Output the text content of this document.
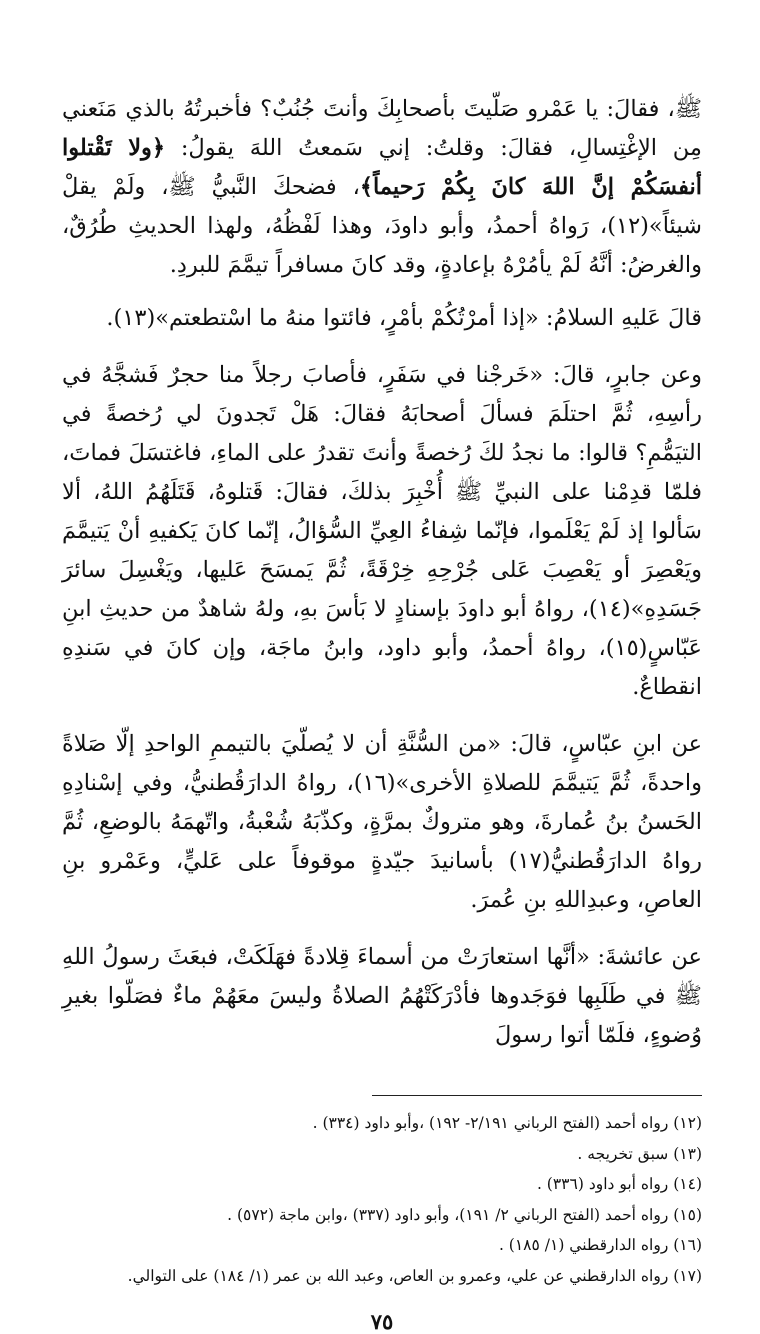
ﷺ، فقالَ: يا عَمْرو صَلّيتَ بأصحابِكَ وأنتَ جُنُبٌ؟ فأخبرتُهُ بالذي مَنَعني مِن الإغْتِسالِ، فقالَ: وقلتُ: إني سَمعتُ اللهَ يقولُ: ﴿ولا تَقْتلوا أنفسَكُمْ إنَّ اللهَ كانَ بِكُمْ رَحيماً﴾، فضحكَ النَّبيُّ ﷺ، ولَمْ يقلْ شيئاً»(١٢)، رَواهُ أحمدُ، وأبو داودَ، وهذا لَفْظُهُ، ولهذا الحديثِ طُرُقٌ، والغرضُ: أنَّهُ لَمْ يأمُرْهُ بإعادةٍ، وقد كانَ مسافراً تيمَّمَ للبردِ.

قالَ عَليهِ السلامُ: «إذا أمرْتُكُمْ بأمْرٍ، فائتوا منهُ ما اسْتطعتم»(١٣).

وعن جابرٍ، قالَ: «خَرجْنا في سَفَرٍ، فأصابَ رجلاً منا حجرٌ فَشجَّهُ في رأسِهِ، ثُمَّ احتلَمَ فسألَ أصحابَهُ فقالَ: هَلْ تَجدونَ لي رُخصةً في التيَمُّمِ؟ قالوا: ما نجدُ لكَ رُخصةً وأنتَ تقدرُ على الماءِ، فاغتسَلَ فماتَ، فلمّا قدِمْنا على النبيِّ ﷺ أُخْبِرَ بذلكَ، فقالَ: قَتلوهُ، قَتَلَهُمُ اللهُ، ألا سَألوا إذ لَمْ يَعْلَموا، فإنّما شِفاءُ العِيِّ السُّؤالُ، إنّما كانَ يَكفيهِ أنْ يَتيمَّمَ ويَعْصِرَ أو يَعْصِبَ عَلى جُرْحِهِ خِرْقَةً، ثُمَّ يَمسَحَ عَليها، ويَغْسِلَ سائرَ جَسَدِهِ»(١٤)، رواهُ أبو داودَ بإسنادٍ لا بَأسَ بهِ، ولهُ شاهدٌ من حديثِ ابنِ عَبّاسٍ(١٥)، رواهُ أحمدُ، وأبو داود، وابنُ ماجَة، وإن كانَ في سَندِهِ انقطاعٌ.

عن ابنِ عبّاسٍ، قالَ: «من السُّنَّةِ أن لا يُصلّيَ بالتيممِ الواحدِ إلّا صَلاةً واحدةً، ثُمَّ يَتيمَّمَ للصلاةِ الأخرى»(١٦)، رواهُ الدارَقُطنيُّ، وفي إسْنادِهِ الحَسنُ بنُ عُمارةَ، وهو متروكٌ بمرَّةٍ، وكذّبَهُ شُعْبةُ، واتّهمَهُ بالوضعِ، ثُمَّ رواهُ الدارَقُطنيُّ(١٧) بأسانيدَ جيّدةٍ موقوفاً على عَليٍّ، وعَمْرو بنِ العاصِ، وعبدِاللهِ بنِ عُمرَ.

عن عائشةَ: «أنَّها استعارَتْ من أسماءَ قِلادةً فهَلَكَتْ، فبعَثَ رسولُ اللهِ ﷺ في طَلَبِها فوَجَدوها فأدْرَكَتْهُمُ الصلاةُ وليسَ معَهُمْ ماءٌ فصَلّوا بغيرِ وُضوءٍ، فلَمّا أتوا رسولَ

(١٢) رواه أحمد (الفتح الرباني ٢/١٩١- ١٩٢) ،وأبو داود (٣٣٤) .

(١٣) سبق تخريجه .

(١٤) رواه أبو داود (٣٣٦) .

(١٥) رواه أحمد (الفتح الرباني ٢/ ١٩١)، وأبو داود (٣٣٧) ،وابن ماجة (٥٧٢) .

(١٦) رواه الدارقطني (١/ ١٨٥) .

(١٧) رواه الدارقطني عن علي، وعمرو بن العاص، وعبد الله بن عمر (١/ ١٨٤) على التوالي.

٧٥
